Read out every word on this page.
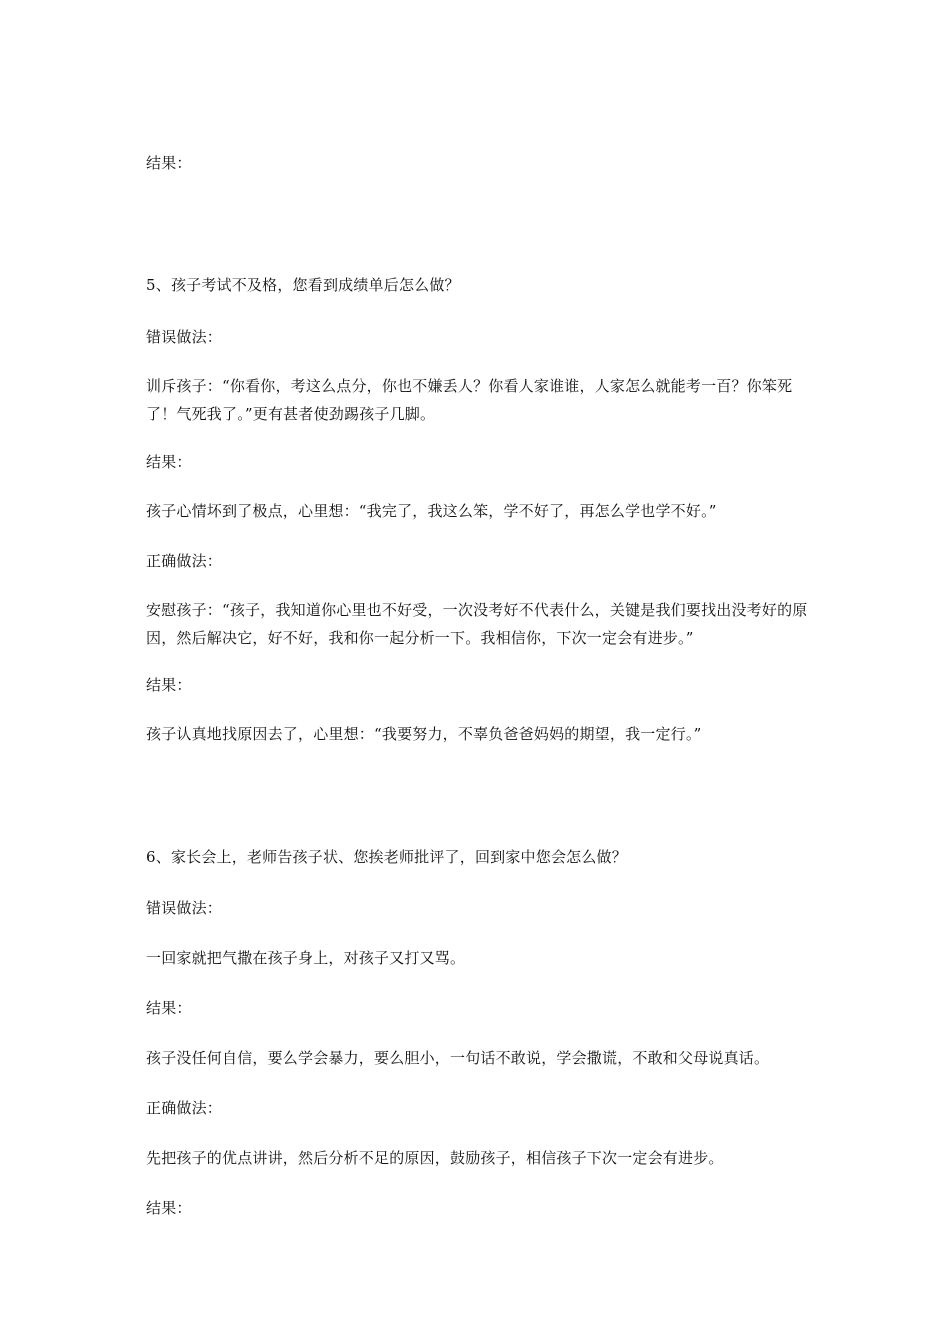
结果：
5、孩子考试不及格，您看到成绩单后怎么做？
错误做法：
训斥孩子：“你看你，考这么点分，你也不嫌丢人？你看人家谁谁，人家怎么就能考一百？你笨死了！气死我了。”更有甚者使劲踢孩子几脚。
结果：
孩子心情坏到了极点，心里想：“我完了，我这么笨，学不好了，再怎么学也学不好。”
正确做法：
安慰孩子：“孩子，我知道你心里也不好受，一次没考好不代表什么，关键是我们要找出没考好的原因，然后解决它，好不好，我和你一起分析一下。我相信你，下次一定会有进步。”
结果：
孩子认真地找原因去了，心里想：“我要努力，不辜负爸爸妈妈的期望，我一定行。”
6、家长会上，老师告孩子状、您挨老师批评了，回到家中您会怎么做？
错误做法：
一回家就把气撒在孩子身上，对孩子又打又骂。
结果：
孩子没任何自信，要么学会暴力，要么胆小，一句话不敢说，学会撒谎，不敢和父母说真话。
正确做法：
先把孩子的优点讲讲，然后分析不足的原因，鼓励孩子，相信孩子下次一定会有进步。
结果：
